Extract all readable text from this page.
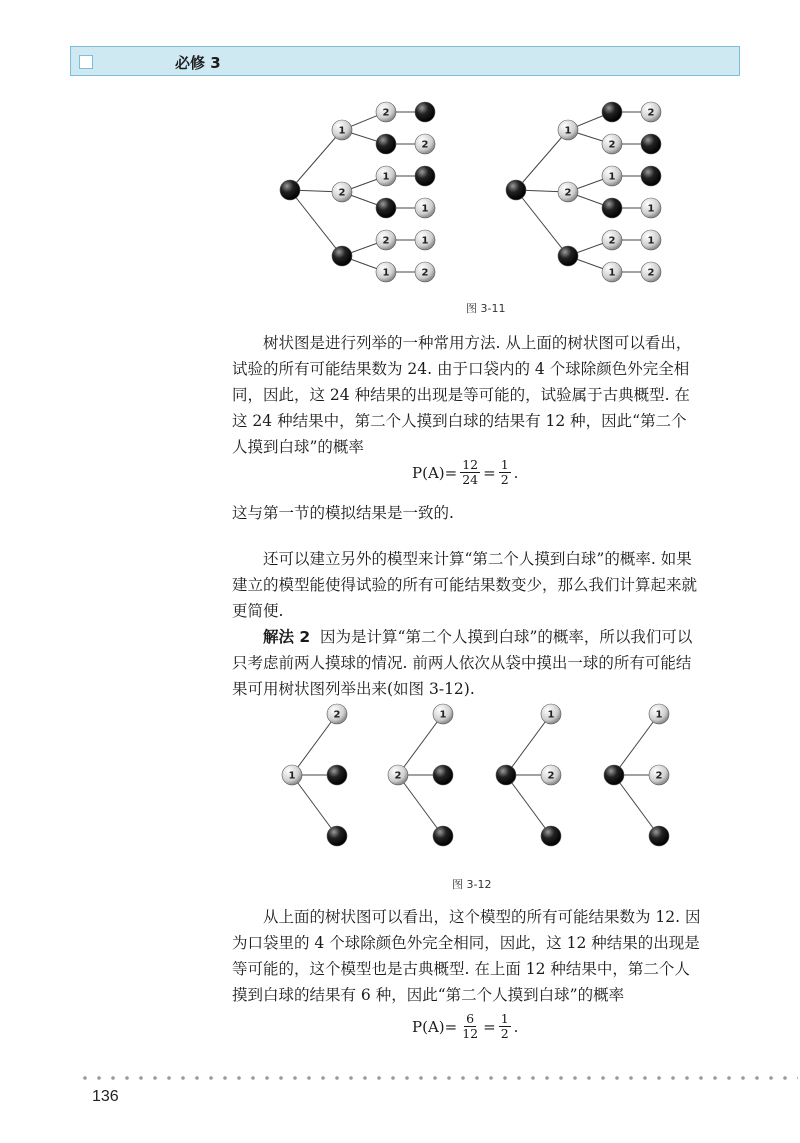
必修 3
1
2
2
2
1
1
2	1
1	2
1
2
2
2
1
1
2	1
1	2
图 3-11

树状图是进行列举的一种常用方法. 从上面的树状图可以看出，试验的所有可能结果数为 24. 由于口袋内的 4 个球除颜色外完全相同，因此，这 24 种结果的出现是等可能的，试验属于古典概型. 在这 24 种结果中，第二个人摸到白球的结果有 12 种，因此“第二个人摸到白球”的概率

$P(A)= \frac{12}{24} = \frac{1}{2}$ .

这与第一节的模拟结果是一致的.

还可以建立另外的模型来计算“第二个人摸到白球”的概率. 如果建立的模型能使得试验的所有可能结果数变少，那么我们计算起来就更简便.

解法 2 因为是计算“第二个人摸到白球”的概率，所以我们可以只考虑前两人摸球的情况. 前两人依次从袋中摸出一球的所有可能结果可用树状图列举出来(如图 3-12).

1
2
2
1	1
2
1
2
图 3-12

从上面的树状图可以看出，这个模型的所有可能结果数为 12. 因为口袋里的 4 个球除颜色外完全相同，因此，这 12 种结果的出现是等可能的，这个模型也是古典概型. 在上面 12 种结果中，第二个人摸到白球的结果有 6 种，因此“第二个人摸到白球”的概率

$P(A)= \frac{6}{12} = \frac{1}{2}$ .
136
